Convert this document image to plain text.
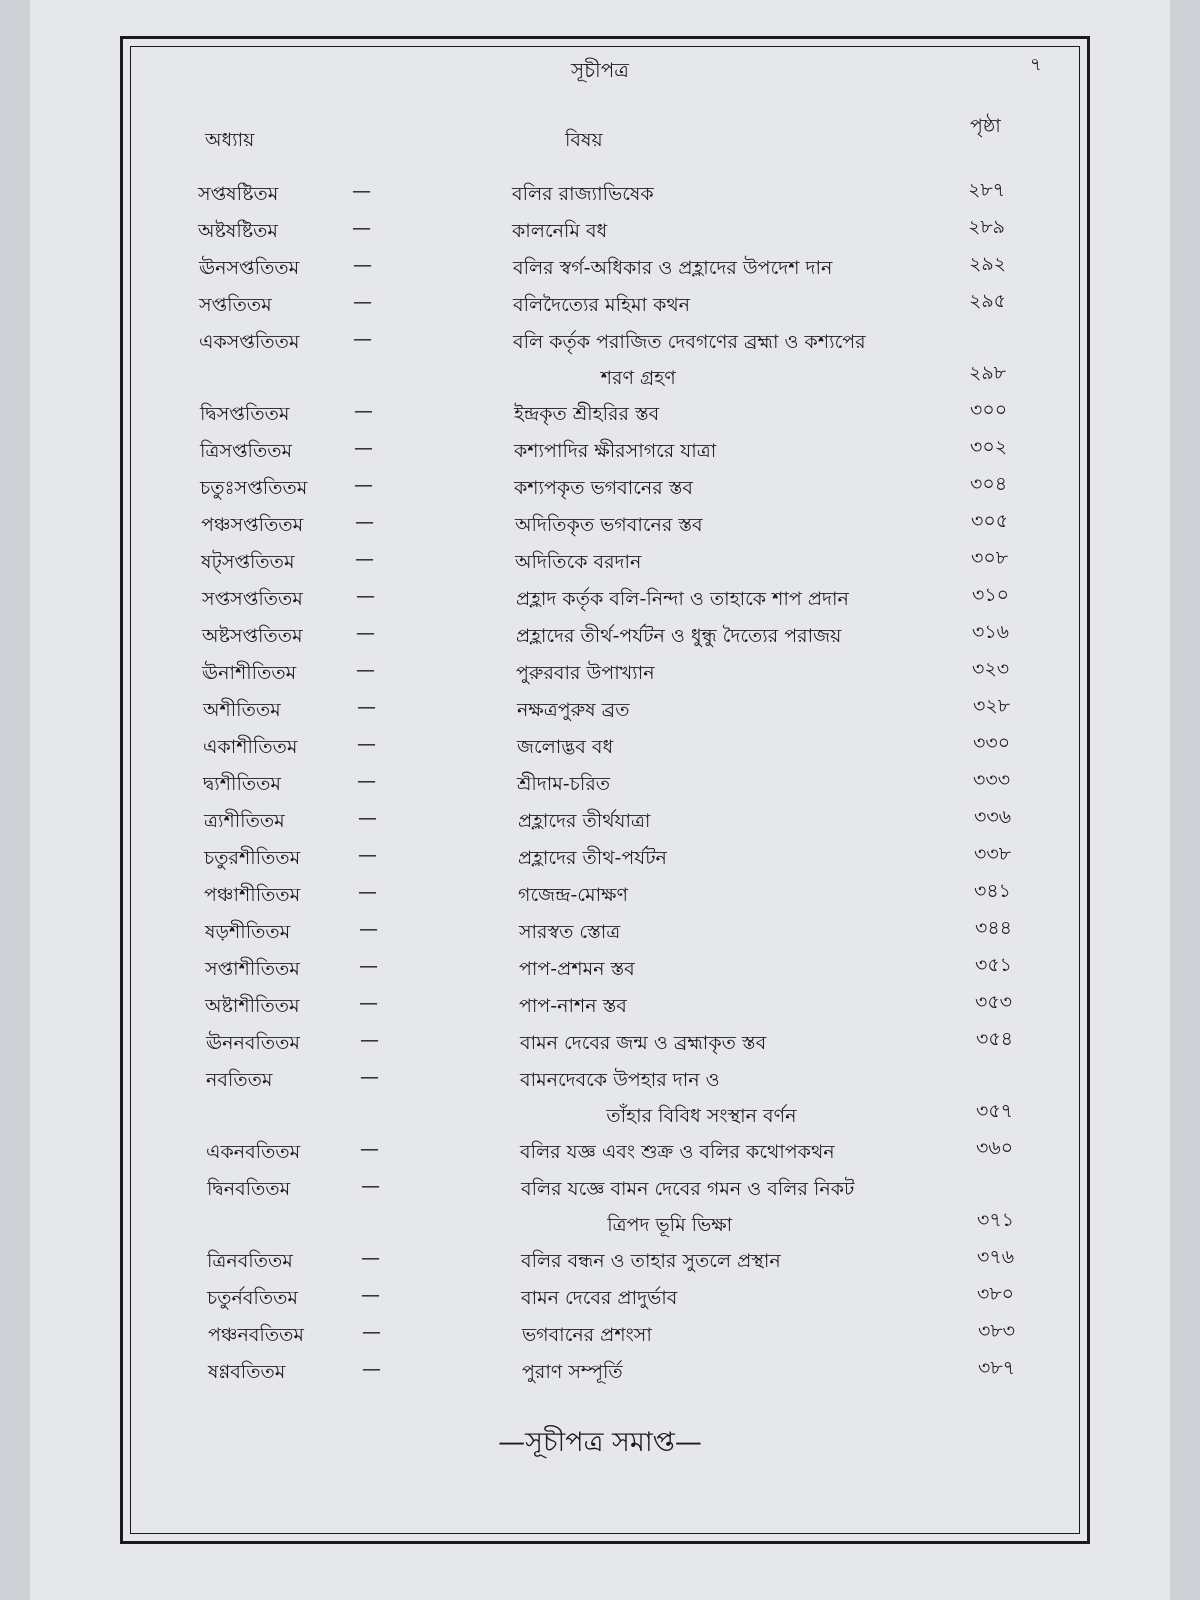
সূচীপত্র	৭
অধ্যায়	বিষয়
পৃষ্ঠা
সপ্তষষ্টিতম	—	বলির রাজ্যাভিষেক	২৮৭
অষ্টষষ্টিতম	—	কালনেমি বধ	২৮৯
ঊনসপ্ততিতম	—	বলির স্বর্গ-অধিকার ও প্রহ্লাদের উপদেশ দান	২৯২
সপ্ততিতম	—	বলিদৈত্যের মহিমা কথন	২৯৫
একসপ্ততিতম	—	বলি কর্তৃক পরাজিত দেবগণের ব্রহ্মা ও কশ্যপের
শরণ গ্রহণ	২৯৮
দ্বিসপ্ততিতম	—	ইন্দ্রকৃত শ্রীহরির স্তব	৩০০
ত্রিসপ্ততিতম	—	কশ্যপাদির ক্ষীরসাগরে যাত্রা	৩০২
চতুঃসপ্ততিতম —	কশ্যপকৃত ভগবানের স্তব	৩০৪
পঞ্চসপ্ততিতম	—	অদিতিকৃত ভগবানের স্তব	৩০৫
ষট্‌সপ্ততিতম	—	অদিতিকে বরদান	৩০৮
সপ্তসপ্ততিতম	—	প্রহ্লাদ কর্তৃক বলি-নিন্দা ও তাহাকে শাপ প্রদান	৩১০
অষ্টসপ্ততিতম	—	প্রহ্লাদের তীর্থ-পর্যটন ও ধুন্ধু দৈত্যের পরাজয়	৩১৬
ঊনাশীতিতম	—	পুরুরবার উপাখ্যান	৩২৩
অশীতিতম	—	নক্ষত্রপুরুষ ব্রত	৩২৮
একাশীতিতম	—	জলোদ্ভব বধ	৩৩০
দ্ব্যশীতিতম	—	শ্রীদাম-চরিত	৩৩৩
ত্র্যশীতিতম	—	প্রহ্লাদের তীর্থযাত্রা	৩৩৬
চতুরশীতিতম	—	প্রহ্লাদের তীথ-পর্যটন	৩৩৮
পঞ্চাশীতিতম	—	গজেন্দ্র-মোক্ষণ	৩৪১
ষড়শীতিতম	—	সারস্বত স্তোত্র	৩৪৪
সপ্তাশীতিতম	—	পাপ-প্রশমন স্তব	৩৫১
অষ্টাশীতিতম	—	পাপ-নাশন স্তব	৩৫৩
ঊননবতিতম	—	বামন দেবের জন্ম ও ব্রহ্মাকৃত স্তব	৩৫৪
নবতিতম	—	বামনদেবকে উপহার দান ও
তাঁহার বিবিধ সংস্থান বর্ণন	৩৫৭
একনবতিতম	—	বলির যজ্ঞ এবং শুক্র ও বলির কথোপকথন	৩৬০
দ্বিনবতিতম	—	বলির যজ্ঞে বামন দেবের গমন ও বলির নিকট
ত্রিপদ ভূমি ভিক্ষা	৩৭১
ত্রিনবতিতম	—	বলির বন্ধন ও তাহার সুতলে প্রস্থান	৩৭৬
চতুর্নবতিতম	—	বামন দেবের প্রাদুর্ভাব	৩৮০
পঞ্চনবতিতম	—	ভগবানের প্রশংসা	৩৮৩
ষণ্ণবতিতম	—	পুরাণ সম্পূর্তি	৩৮৭
—সূচীপত্র সমাপ্ত—
